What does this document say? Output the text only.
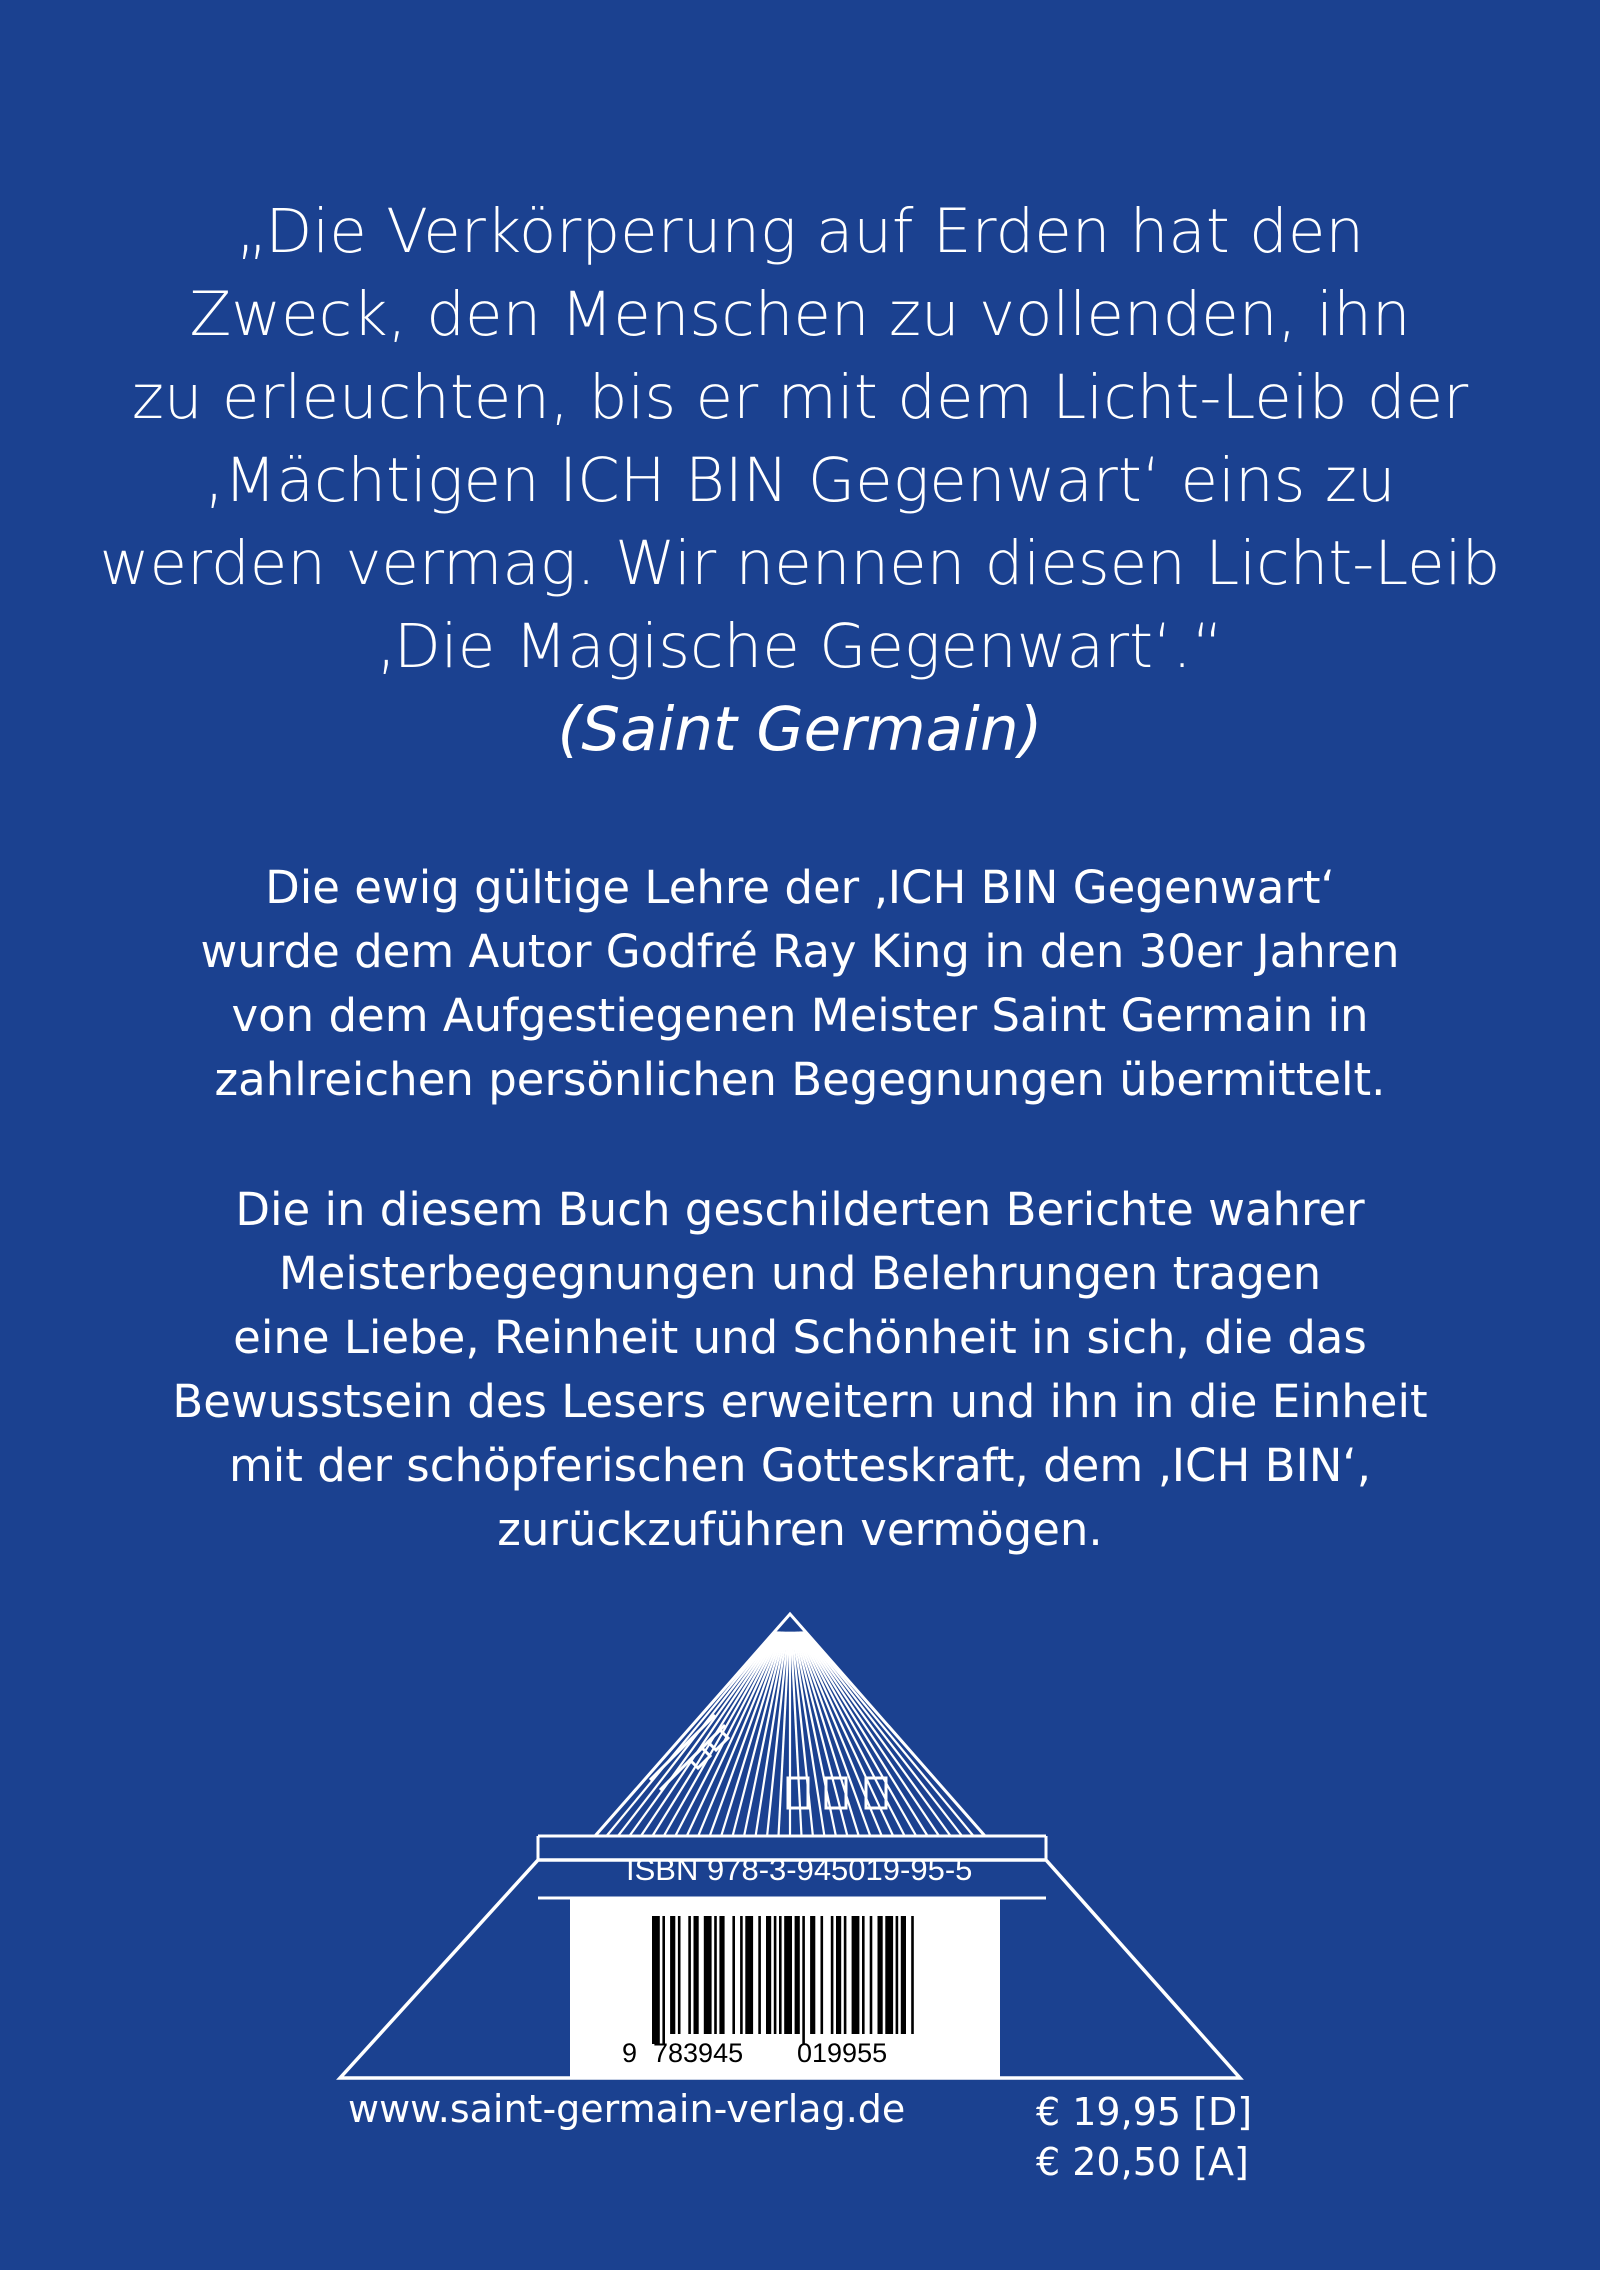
„Die Verkörperung auf Erden hat den
Zweck, den Menschen zu vollenden, ihn
zu erleuchten, bis er mit dem Licht-Leib der
‚Mächtigen ICH BIN Gegenwart‘ eins zu
werden vermag. Wir nennen diesen Licht-Leib
‚Die Magische Gegenwart‘.“
(Saint Germain)
Die ewig gültige Lehre der ‚ICH BIN Gegenwart‘
wurde dem Autor Godfré Ray King in den 30er Jahren
von dem Aufgestiegenen Meister Saint Germain in
zahlreichen persönlichen Begegnungen übermittelt.
Die in diesem Buch geschilderten Berichte wahrer
Meisterbegegnungen und Belehrungen tragen
eine Liebe, Reinheit und Schönheit in sich, die das
Bewusstsein des Lesers erweitern und ihn in die Einheit
mit der schöpferischen Gotteskraft, dem ‚ICH BIN‘,
zurückzuführen vermögen.
ISBN 978-3-945019-95-5
9 783945 019955
www.saint-germain-verlag.de	€ 19,95 [D]
€ 20,50 [A]
